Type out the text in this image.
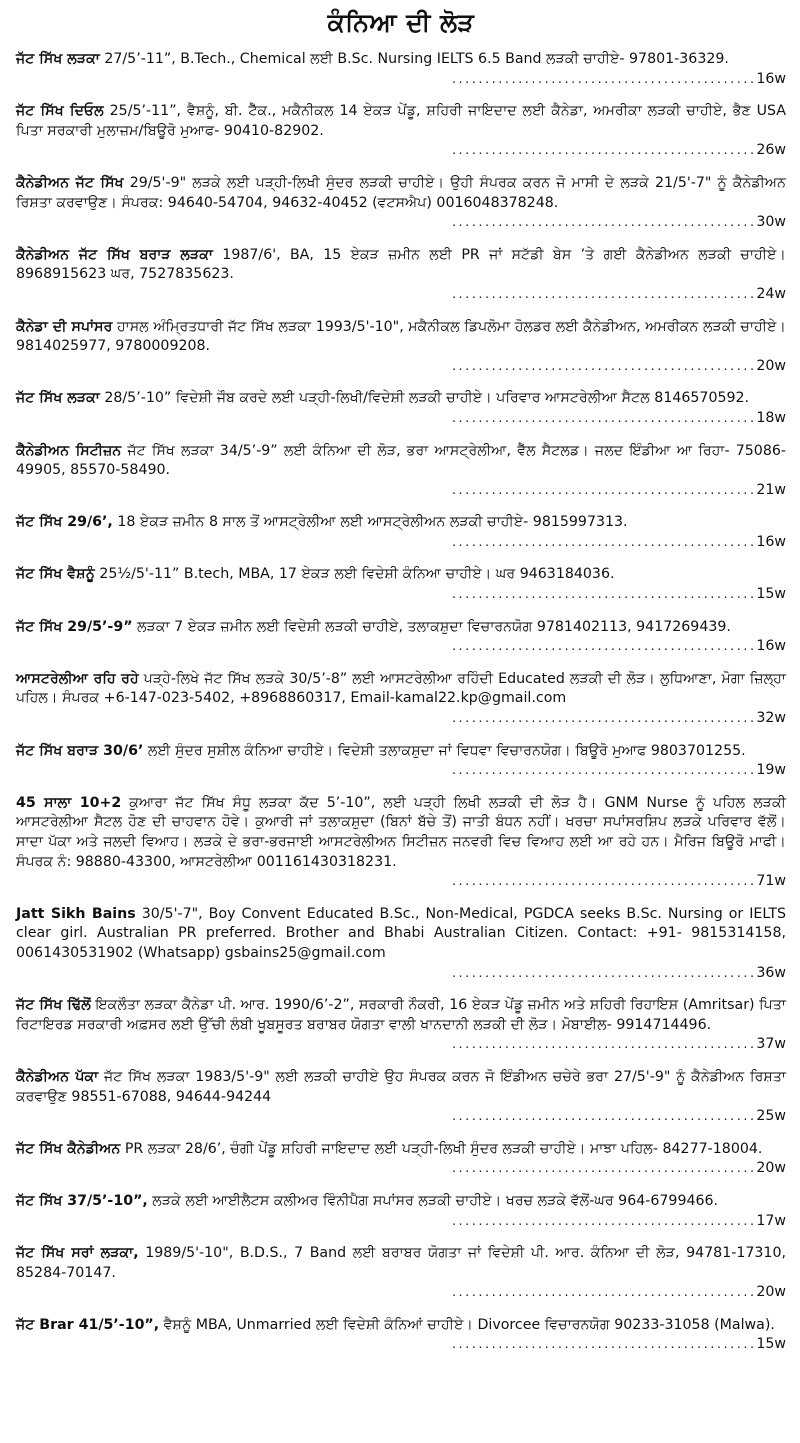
ਕੰਨਿਆ ਦੀ ਲੋੜ
ਜੱਟ ਸਿੱਖ ਲੜਕਾ 27/5’-11”, B.Tech., Chemical ਲਈ B.Sc. Nursing IELTS 6.5 Band ਲੜਕੀ ਚਾਹੀਏ- 97801-36329.
.............................................. 16w
ਜੱਟ ਸਿੱਖ ਦਿਓਲ 25/5’-11”, ਵੈਸ਼ਨੂੰ, ਬੀ. ਟੈੱਕ., ਮਕੈਨੀਕਲ 14 ਏਕੜ ਪੇਂਡੂ, ਸ਼ਹਿਰੀ ਜਾਇਦਾਦ ਲਈ ਕੈਨੇਡਾ, ਅਮਰੀਕਾ ਲੜਕੀ ਚਾਹੀਏ, ਭੈਣ USA ਪਿਤਾ ਸਰਕਾਰੀ ਮੁਲਾਜ਼ਮ/ਬਿਊਰੋ ਮੁਆਫ- 90410-82902.
.............................................. 26w
ਕੈਨੇਡੀਅਨ ਜੱਟ ਸਿੱਖ 29/5'-9" ਲੜਕੇ ਲਈ ਪੜ੍ਹੀ-ਲਿਖੀ ਸੁੰਦਰ ਲੜਕੀ ਚਾਹੀਏ। ਉਹੀ ਸੰਪਰਕ ਕਰਨ ਜੋ ਮਾਸੀ ਦੇ ਲੜਕੇ 21/5'-7" ਨੂੰ ਕੈਨੇਡੀਅਨ ਰਿਸ਼ਤਾ ਕਰਵਾਉਣ। ਸੰਪਰਕ: 94640-54704, 94632-40452 (ਵਟਸਐਪ) 0016048378248.
.............................................. 30w
ਕੈਨੇਡੀਅਨ ਜੱਟ ਸਿੱਖ ਬਰਾੜ ਲੜਕਾ 1987/6', BA, 15 ਏਕੜ ਜ਼ਮੀਨ ਲਈ PR ਜਾਂ ਸਟੱਡੀ ਬੇਸ ’ਤੇ ਗਈ ਕੈਨੇਡੀਅਨ ਲੜਕੀ ਚਾਹੀਏ। 8968915623 ਘਰ, 7527835623.
.............................................. 24w
ਕੈਨੇਡਾ ਦੀ ਸਪਾਂਸਰ ਹਾਸਲ ਅੰਮ੍ਰਿਤਧਾਰੀ ਜੱਟ ਸਿੱਖ ਲੜਕਾ 1993/5'-10", ਮਕੈਨੀਕਲ ਡਿਪਲੋਮਾ ਹੋਲਡਰ ਲਈ ਕੈਨੇਡੀਅਨ, ਅਮਰੀਕਨ ਲੜਕੀ ਚਾਹੀਏ। 9814025977, 9780009208.
.............................................. 20w
ਜੱਟ ਸਿੱਖ ਲੜਕਾ 28/5’-10” ਵਿਦੇਸ਼ੀ ਜੌਬ ਕਰਦੇ ਲਈ ਪੜ੍ਹੀ-ਲਿਖੀ/ਵਿਦੇਸ਼ੀ ਲੜਕੀ ਚਾਹੀਏ। ਪਰਿਵਾਰ ਆਸਟਰੇਲੀਆ ਸੈਟਲ 8146570592.
.............................................. 18w
ਕੈਨੇਡੀਅਨ ਸਿਟੀਜ਼ਨ ਜੱਟ ਸਿੱਖ ਲੜਕਾ 34/5’-9” ਲਈ ਕੰਨਿਆ ਦੀ ਲੋੜ, ਭਰਾ ਆਸਟ੍ਰੇਲੀਆ, ਵੈੱਲ ਸੈਟਲਡ। ਜਲਦ ਇੰਡੀਆ ਆ ਰਿਹਾ- 75086-49905, 85570-58490.
.............................................. 21w
ਜੱਟ ਸਿੱਖ 29/6’, 18 ਏਕੜ ਜ਼ਮੀਨ 8 ਸਾਲ ਤੋਂ ਆਸਟ੍ਰੇਲੀਆ ਲਈ ਆਸਟ੍ਰੇਲੀਅਨ ਲੜਕੀ ਚਾਹੀਏ- 9815997313.
.............................................. 16w
ਜੱਟ ਸਿੱਖ ਵੈਸ਼ਨੂੰ 25½/5'-11” B.tech, MBA, 17 ਏਕੜ ਲਈ ਵਿਦੇਸ਼ੀ ਕੰਨਿਆ ਚਾਹੀਏ। ਘਰ 9463184036.
.............................................. 15w
ਜੱਟ ਸਿੱਖ 29/5’-9” ਲੜਕਾ 7 ਏਕੜ ਜ਼ਮੀਨ ਲਈ ਵਿਦੇਸ਼ੀ ਲੜਕੀ ਚਾਹੀਏ, ਤਲਾਕਸ਼ੁਦਾ ਵਿਚਾਰਨਯੋਗ 9781402113, 9417269439.
.............................................. 16w
ਆਸਟਰੇਲੀਆ ਰਹਿ ਰਹੇ ਪੜ੍ਹੇ-ਲਿਖੇ ਜੱਟ ਸਿੱਖ ਲੜਕੇ 30/5’-8” ਲਈ ਆਸਟਰੇਲੀਆ ਰਹਿੰਦੀ Educated ਲੜਕੀ ਦੀ ਲੋੜ। ਲੁਧਿਆਣਾ, ਮੋਗਾ ਜ਼ਿਲ੍ਹਾ ਪਹਿਲ। ਸੰਪਰਕ +6-147-023-5402, +8968860317, Email-kamal22.kp@gmail.com
.............................................. 32w
ਜੱਟ ਸਿੱਖ ਬਰਾੜ 30/6’ ਲਈ ਸੁੰਦਰ ਸੁਸ਼ੀਲ ਕੰਨਿਆ ਚਾਹੀਏ। ਵਿਦੇਸ਼ੀ ਤਲਾਕਸ਼ੁਦਾ ਜਾਂ ਵਿਧਵਾ ਵਿਚਾਰਨਯੋਗ। ਬਿਊਰੋ ਮੁਆਫ 9803701255.
.............................................. 19w
45 ਸਾਲਾ 10+2 ਕੁਆਰਾ ਜੱਟ ਸਿੱਖ ਸੰਧੂ ਲੜਕਾ ਕੱਦ 5’-10”, ਲਈ ਪੜ੍ਹੀ ਲਿਖੀ ਲੜਕੀ ਦੀ ਲੋੜ ਹੈ। GNM Nurse ਨੂੰ ਪਹਿਲ ਲੜਕੀ ਆਸਟਰੇਲੀਆ ਸੈਟਲ ਹੋਣ ਦੀ ਚਾਹਵਾਨ ਹੋਵੇ। ਕੁਆਰੀ ਜਾਂ ਤਲਾਕਸ਼ੁਦਾ (ਬਿਨਾਂ ਬੱਚੇ ਤੋਂ) ਜਾਤੀ ਬੰਧਨ ਨਹੀਂ। ਖਰਚਾ ਸਪਾਂਸਰਸ਼ਿਪ ਲੜਕੇ ਪਰਿਵਾਰ ਵੱਲੋਂ। ਸਾਦਾ ਪੱਕਾ ਅਤੇ ਜਲਦੀ ਵਿਆਹ। ਲੜਕੇ ਦੇ ਭਰਾ-ਭਰਜਾਈ ਆਸਟਰੇਲੀਅਨ ਸਿਟੀਜ਼ਨ ਜਨਵਰੀ ਵਿਚ ਵਿਆਹ ਲਈ ਆ ਰਹੇ ਹਨ। ਮੈਰਿਜ ਬਿਊਰੋ ਮਾਫੀ। ਸੰਪਰਕ ਨੰ: 98880-43300, ਆਸਟਰੇਲੀਆ 001161430318231.
.............................................. 71w
Jatt Sikh Bains 30/5'-7", Boy Convent Educated B.Sc., Non-Medical, PGDCA seeks B.Sc. Nursing or IELTS clear girl. Australian PR preferred. Brother and Bhabi Australian Citizen. Contact: +91- 9815314158, 0061430531902 (Whatsapp) gsbains25@gmail.com
.............................................. 36w
ਜੱਟ ਸਿੱਖ ਢਿੱਲੋਂ ਇਕਲੌਤਾ ਲੜਕਾ ਕੈਨੇਡਾ ਪੀ. ਆਰ. 1990/6’-2”, ਸਰਕਾਰੀ ਨੌਕਰੀ, 16 ਏਕੜ ਪੇਂਡੂ ਜ਼ਮੀਨ ਅਤੇ ਸ਼ਹਿਰੀ ਰਿਹਾਇਸ਼ (Amritsar) ਪਿਤਾ ਰਿਟਾਇਰਡ ਸਰਕਾਰੀ ਅਫ਼ਸਰ ਲਈ ਉੱਚੀ ਲੰਬੀ ਖੂਬਸੂਰਤ ਬਰਾਬਰ ਯੋਗਤਾ ਵਾਲੀ ਖਾਨਦਾਨੀ ਲੜਕੀ ਦੀ ਲੋੜ। ਮੋਬਾਈਲ- 9914714496.
.............................................. 37w
ਕੈਨੇਡੀਅਨ ਪੱਕਾ ਜੱਟ ਸਿੱਖ ਲੜਕਾ 1983/5'-9" ਲਈ ਲੜਕੀ ਚਾਹੀਏ ਉਹ ਸੰਪਰਕ ਕਰਨ ਜੋ ਇੰਡੀਅਨ ਚਚੇਰੇ ਭਰਾ 27/5'-9" ਨੂੰ ਕੈਨੇਡੀਅਨ ਰਿਸ਼ਤਾ ਕਰਵਾਉਣ 98551-67088, 94644-94244
.............................................. 25w
ਜੱਟ ਸਿੱਖ ਕੈਨੇਡੀਅਨ PR ਲੜਕਾ 28/6’, ਚੰਗੀ ਪੇਂਡੂ ਸ਼ਹਿਰੀ ਜਾਇਦਾਦ ਲਈ ਪੜ੍ਹੀ-ਲਿਖੀ ਸੁੰਦਰ ਲੜਕੀ ਚਾਹੀਏ। ਮਾਝਾ ਪਹਿਲ- 84277-18004.
.............................................. 20w
ਜੱਟ ਸਿੱਖ 37/5’-10”, ਲੜਕੇ ਲਈ ਆਈਲੈਟਸ ਕਲੀਅਰ ਵਿੰਨੀਪੈਗ ਸਪਾਂਸਰ ਲੜਕੀ ਚਾਹੀਏ। ਖਰਚ ਲੜਕੇ ਵੱਲੋਂ-ਘਰ 964-6799466.
.............................................. 17w
ਜੱਟ ਸਿੱਖ ਸਰਾਂ ਲੜਕਾ, 1989/5'-10", B.D.S., 7 Band ਲਈ ਬਰਾਬਰ ਯੋਗਤਾ ਜਾਂ ਵਿਦੇਸ਼ੀ ਪੀ. ਆਰ. ਕੰਨਿਆ ਦੀ ਲੋੜ, 94781-17310, 85284-70147.
.............................................. 20w
ਜੱਟ Brar 41/5’-10”, ਵੈਸ਼ਨੂੰ MBA, Unmarried ਲਈ ਵਿਦੇਸ਼ੀ ਕੰਨਿਆਂ ਚਾਹੀਏ। Divorcee ਵਿਚਾਰਨਯੋਗ 90233-31058 (Malwa).
.............................................. 15w
